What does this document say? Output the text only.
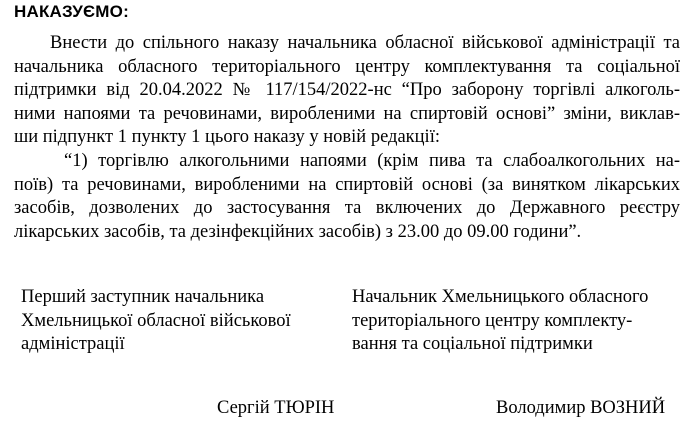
НАКАЗУЄМО:
Внести до спільного наказу начальника обласної військової адміністрації та
начальника обласного територіального центру комплектування та соціальної
підтримки від 20.04.2022 № 117/154/2022-нс “Про заборону торгівлі алкоголь-
ними напоями та речовинами, виробленими на спиртовій основі” зміни, виклав-
ши підпункт 1 пункту 1 цього наказу у новій редакції:
“1) торгівлю алкогольними напоями (крім пива та слабоалкогольних на-
поїв) та речовинами, виробленими на спиртовій основі (за винятком лікарських
засобів, дозволених до застосування та включених до Державного реєстру
лікарських засобів, та дезінфекційних засобів) з 23.00 до 09.00 години”.
Перший заступник начальника
Хмельницької обласної військової
адміністрації
Начальник Хмельницького обласного
територіального центру комплекту-
вання та соціальної підтримки
Сергій ТЮРІН	Володимир ВОЗНИЙ
